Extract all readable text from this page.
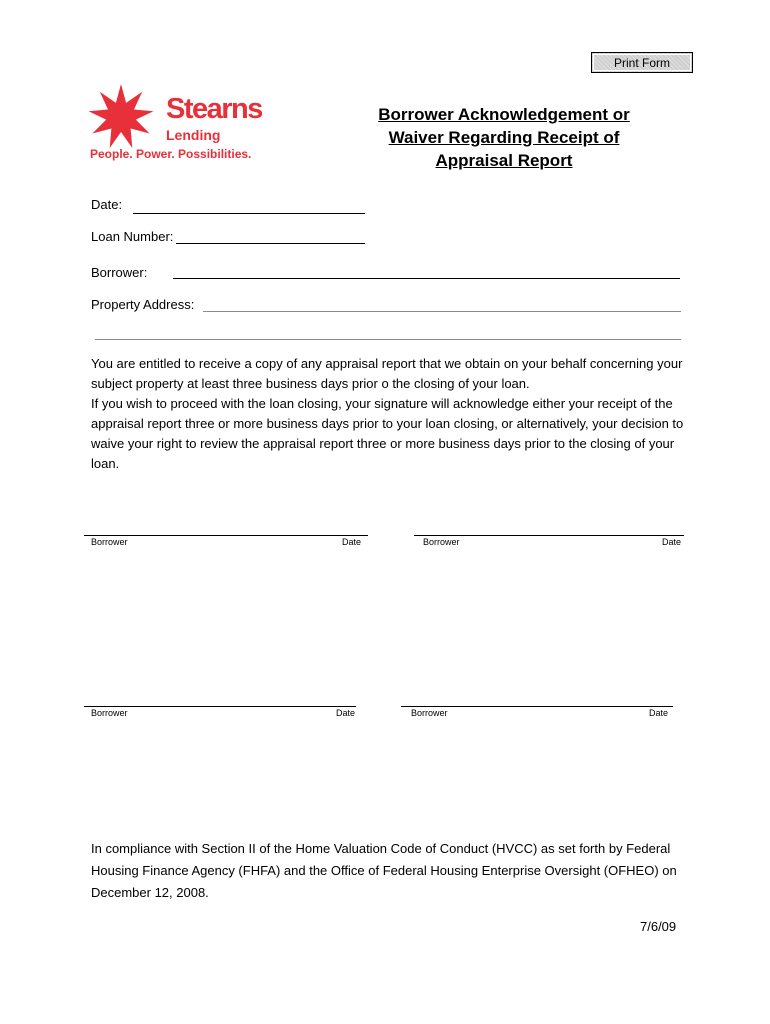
Print Form
Stearns
Lending
People. Power. Possibilities.
Borrower Acknowledgement or
Waiver Regarding Receipt of
Appraisal Report
Date:
Loan Number:
Borrower:
Property Address:

You are entitled to receive a copy of any appraisal report that we obtain on your behalf concerning your subject property at least three business days prior o the closing of your loan.

If you wish to proceed with the loan closing, your signature will acknowledge either your receipt of the appraisal report three or more business days prior to your loan closing, or alternatively, your decision to waive your right to review the appraisal report three or more business days prior to the closing of your loan.

Borrower	Date	Borrower	Date
Borrower	Date	Borrower	Date
In compliance with Section II of the Home Valuation Code of Conduct (HVCC) as set forth by Federal Housing Finance Agency (FHFA) and the Office of Federal Housing Enterprise Oversight (OFHEO) on December 12, 2008.
7/6/09
